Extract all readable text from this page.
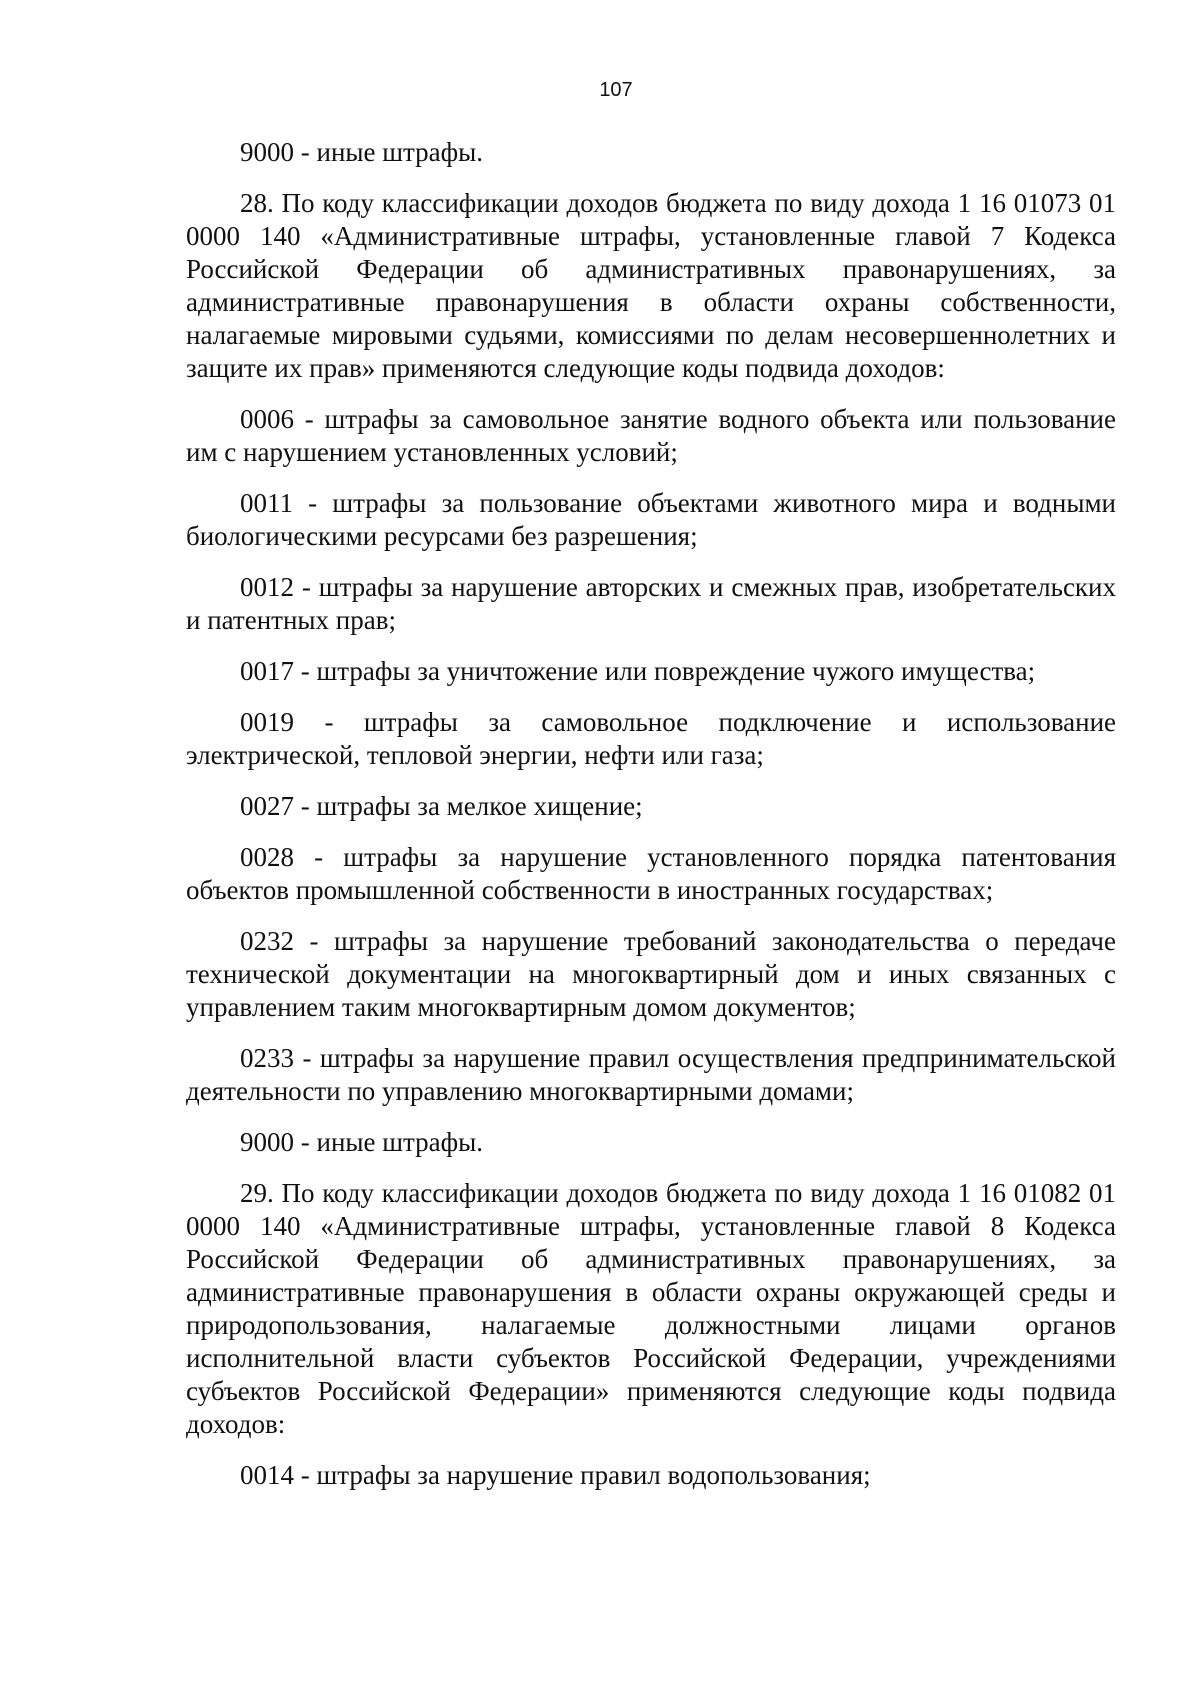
107

9000 - иные штрафы.

28. По коду классификации доходов бюджета по виду дохода 1 16 01073 01 0000 140 «Административные штрафы, установленные главой 7 Кодекса Российской Федерации об административных правонарушениях, за административные правонарушения в области охраны собственности, налагаемые мировыми судьями, комиссиями по делам несовершеннолетних и защите их прав» применяются следующие коды подвида доходов:

0006 - штрафы за самовольное занятие водного объекта или пользование им с нарушением установленных условий;

0011 - штрафы за пользование объектами животного мира и водными биологическими ресурсами без разрешения;

0012 - штрафы за нарушение авторских и смежных прав, изобретательских и патентных прав;

0017 - штрафы за уничтожение или повреждение чужого имущества;

0019 - штрафы за самовольное подключение и использование электрической, тепловой энергии, нефти или газа;

0027 - штрафы за мелкое хищение;

0028 - штрафы за нарушение установленного порядка патентования объектов промышленной собственности в иностранных государствах;

0232 - штрафы за нарушение требований законодательства о передаче технической документации на многоквартирный дом и иных связанных с управлением таким многоквартирным домом документов;

0233 - штрафы за нарушение правил осуществления предпринимательской деятельности по управлению многоквартирными домами;

9000 - иные штрафы.

29. По коду классификации доходов бюджета по виду дохода 1 16 01082 01 0000 140 «Административные штрафы, установленные главой 8 Кодекса Российской Федерации об административных правонарушениях, за административные правонарушения в области охраны окружающей среды и природопользования, налагаемые должностными лицами органов исполнительной власти субъектов Российской Федерации, учреждениями субъектов Российской Федерации» применяются следующие коды подвида доходов:

0014 - штрафы за нарушение правил водопользования;
